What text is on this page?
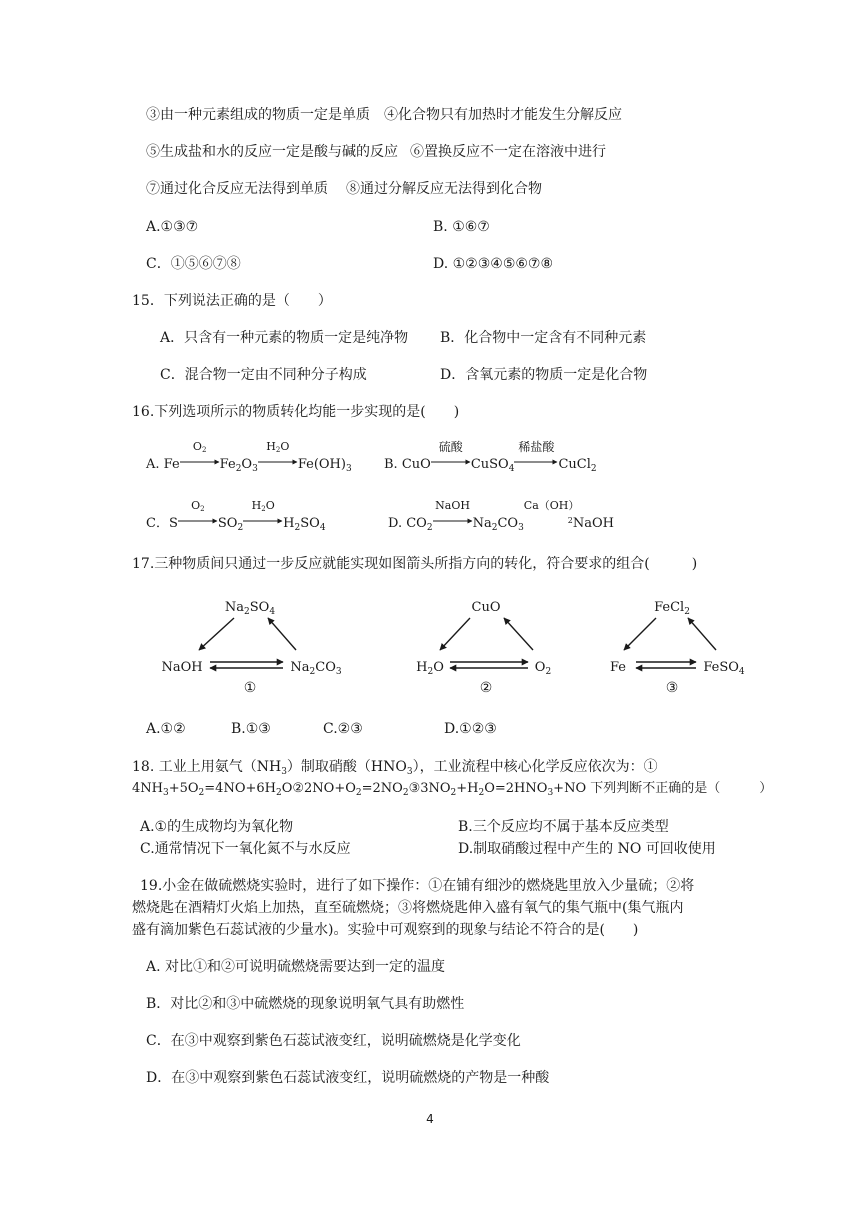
③由一种元素组成的物质一定是单质 ④化合物只有加热时才能发生分解反应
⑤生成盐和水的反应一定是酸与碱的反应 ⑥置换反应不一定在溶液中进行
⑦通过化合反应无法得到单质 ⑧通过分解反应无法得到化合物
A.①③⑦	B. ①⑥⑦
C．①⑤⑥⑦⑧	D. ①②③④⑤⑥⑦⑧
15．下列说法正确的是（　　）
A．只含有一种元素的物质一定是纯净物 B．化合物中一定含有不同种元素
C．混合物一定由不同种分子构成	D．含氧元素的物质一定是化合物
16.下列选项所示的物质转化均能一步实现的是(　　)
A. Fe
$O_2$
$Fe_2O_3$
$H_2O$
$Fe(OH)_3$ B. CuO
硫酸
CuSO$_4$
稀盐酸
CuCl$_2$
C．S
$O_2$
$SO_2$
$H_2O$
$H_2SO_4$	D. $CO_2$
NaOH
$Na_2CO_3$
Ca（OH）
$^2$NaOH
17.三种物质间只通过一步反应就能实现如图箭头所指方向的转化，符合要求的组合(　　　)
$Na_2SO_4$
NaOH	$Na_2CO_3$
①
CuO
$H_2O$	$O_2$
②
FeCl$_2$
Fe	FeSO$_4$
③
A.①②	B.①③	C.②③	D.①②③
18. 工业上用氨气$(NH_3)$制取硝酸$(HNO_3)$，工业流程中核心化学反应依次为：①
$4NH_3+5O_2=4NO+6H_2O②2NO+O_2=2NO_2③3NO_2+H_2O=2HNO_3+NO$ 下列判断不正确的是（　　　）
A.①的生成物均为氧化物	B.三个反应均不属于基本反应类型
C.通常情况下一氧化氮不与水反应	D.制取硝酸过程中产生的 NO 可回收使用
19.小金在做硫燃烧实验时，进行了如下操作：①在铺有细沙的燃烧匙里放入少量硫；②将
燃烧匙在酒精灯火焰上加热，直至硫燃烧；③将燃烧匙伸入盛有氧气的集气瓶中(集气瓶内
盛有滴加紫色石蕊试液的少量水)。实验中可观察到的现象与结论不符合的是(　　)
A. 对比①和②可说明硫燃烧需要达到一定的温度
B．对比②和③中硫燃烧的现象说明氧气具有助燃性
C．在③中观察到紫色石蕊试液变红，说明硫燃烧是化学变化
D．在③中观察到紫色石蕊试液变红，说明硫燃烧的产物是一种酸
4
